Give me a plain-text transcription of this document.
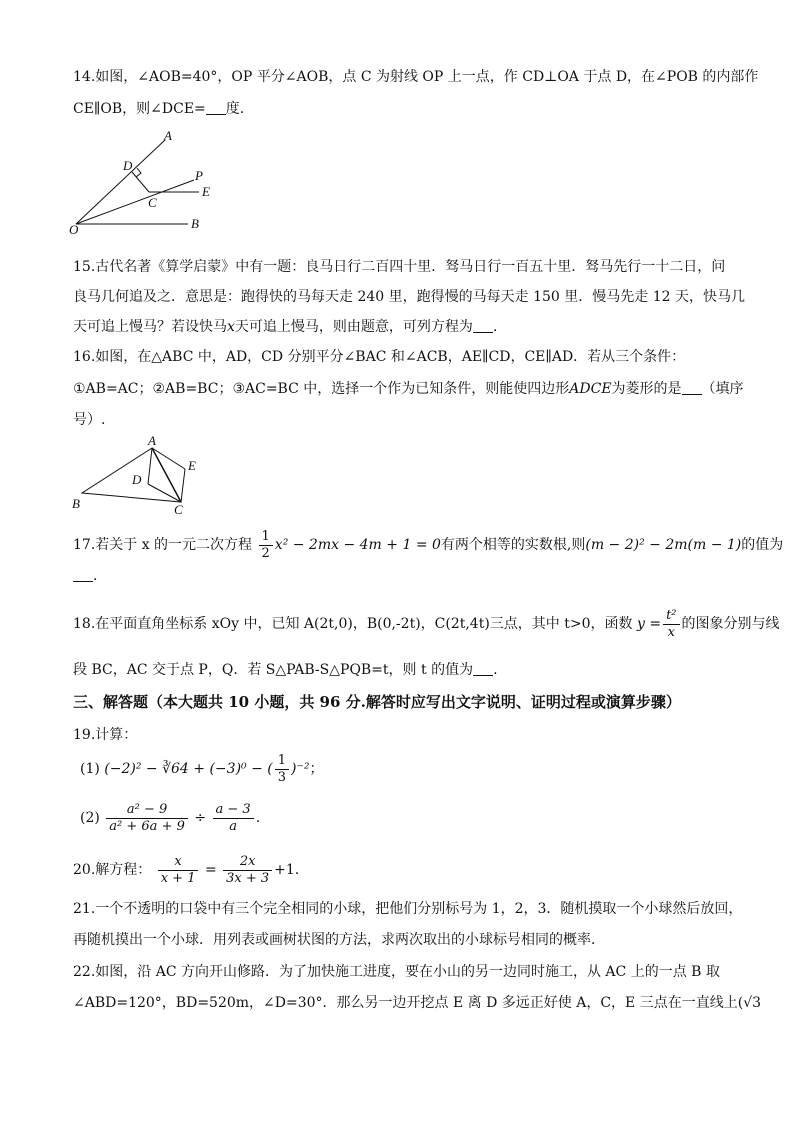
14.如图，∠AOB=40°，OP 平分∠AOB，点 C 为射线 OP 上一点，作 CD⊥OA 于点 D，在∠POB 的内部作
CE∥OB，则∠DCE= 度.
A
D
P
E
C
O	B
15.古代名著《算学启蒙》中有一题：良马日行二百四十里．驽马日行一百五十里．驽马先行一十二日，问
良马几何追及之．意思是：跑得快的马每天走 240 里，跑得慢的马每天走 150 里．慢马先走 12 天，快马几
天可追上慢马？若设快马x天可追上慢马，则由题意，可列方程为 .
16.如图，在△ABC 中，AD，CD 分别平分∠BAC 和∠ACB，AE∥CD，CE∥AD．若从三个条件：
①AB=AC；②AB=BC；③AC=BC 中，选择一个作为已知条件，则能使四边形ADCE为菱形的是 （填序
号）.
A
E
D
B	C
17.若关于 x 的一元二次方程 $\frac{1}{2} x^2 - 2mx - 4m + 1 = 0$有两个相等的实数根,则(m − 2)² − 2m(m − 1)的值为
.
18.在平面直角坐标系 xOy 中，已知 A(2t,0)，B(0,-2t)，C(2t,4t)三点，其中 t>0，函数 $y = \frac{\text{t²}}{x}$ 的图象分别与线
段 BC，AC 交于点 P，Q．若 S△PAB-S△PQB=t，则 t 的值为 .
三、解答题（本大题共 10 小题，共 96 分.解答时应写出文字说明、证明过程或演算步骤）
19.计算：
(1) (−2)² − ∛64 + (−3)⁰ − ( $\frac{1}{3} )^{-2}$；
$(2) \frac{\text{a² − 9}}{\text{a² + 6a + 9}} \div \frac{a - 3}{a}$ .
20.解方程： $\frac{x}{x + 1} = \frac{2x}{3x + 3} +1$.
21.一个不透明的口袋中有三个完全相同的小球，把他们分别标号为 1，2，3．随机摸取一个小球然后放回，
再随机摸出一个小球．用列表或画树状图的方法，求两次取出的小球标号相同的概率．
22.如图，沿 AC 方向开山修路．为了加快施工进度，要在小山的另一边同时施工，从 AC 上的一点 B 取
∠ABD=120°，BD=520m，∠D=30°．那么另一边开挖点 E 离 D 多远正好使 A，C，E 三点在一直线上(√3
